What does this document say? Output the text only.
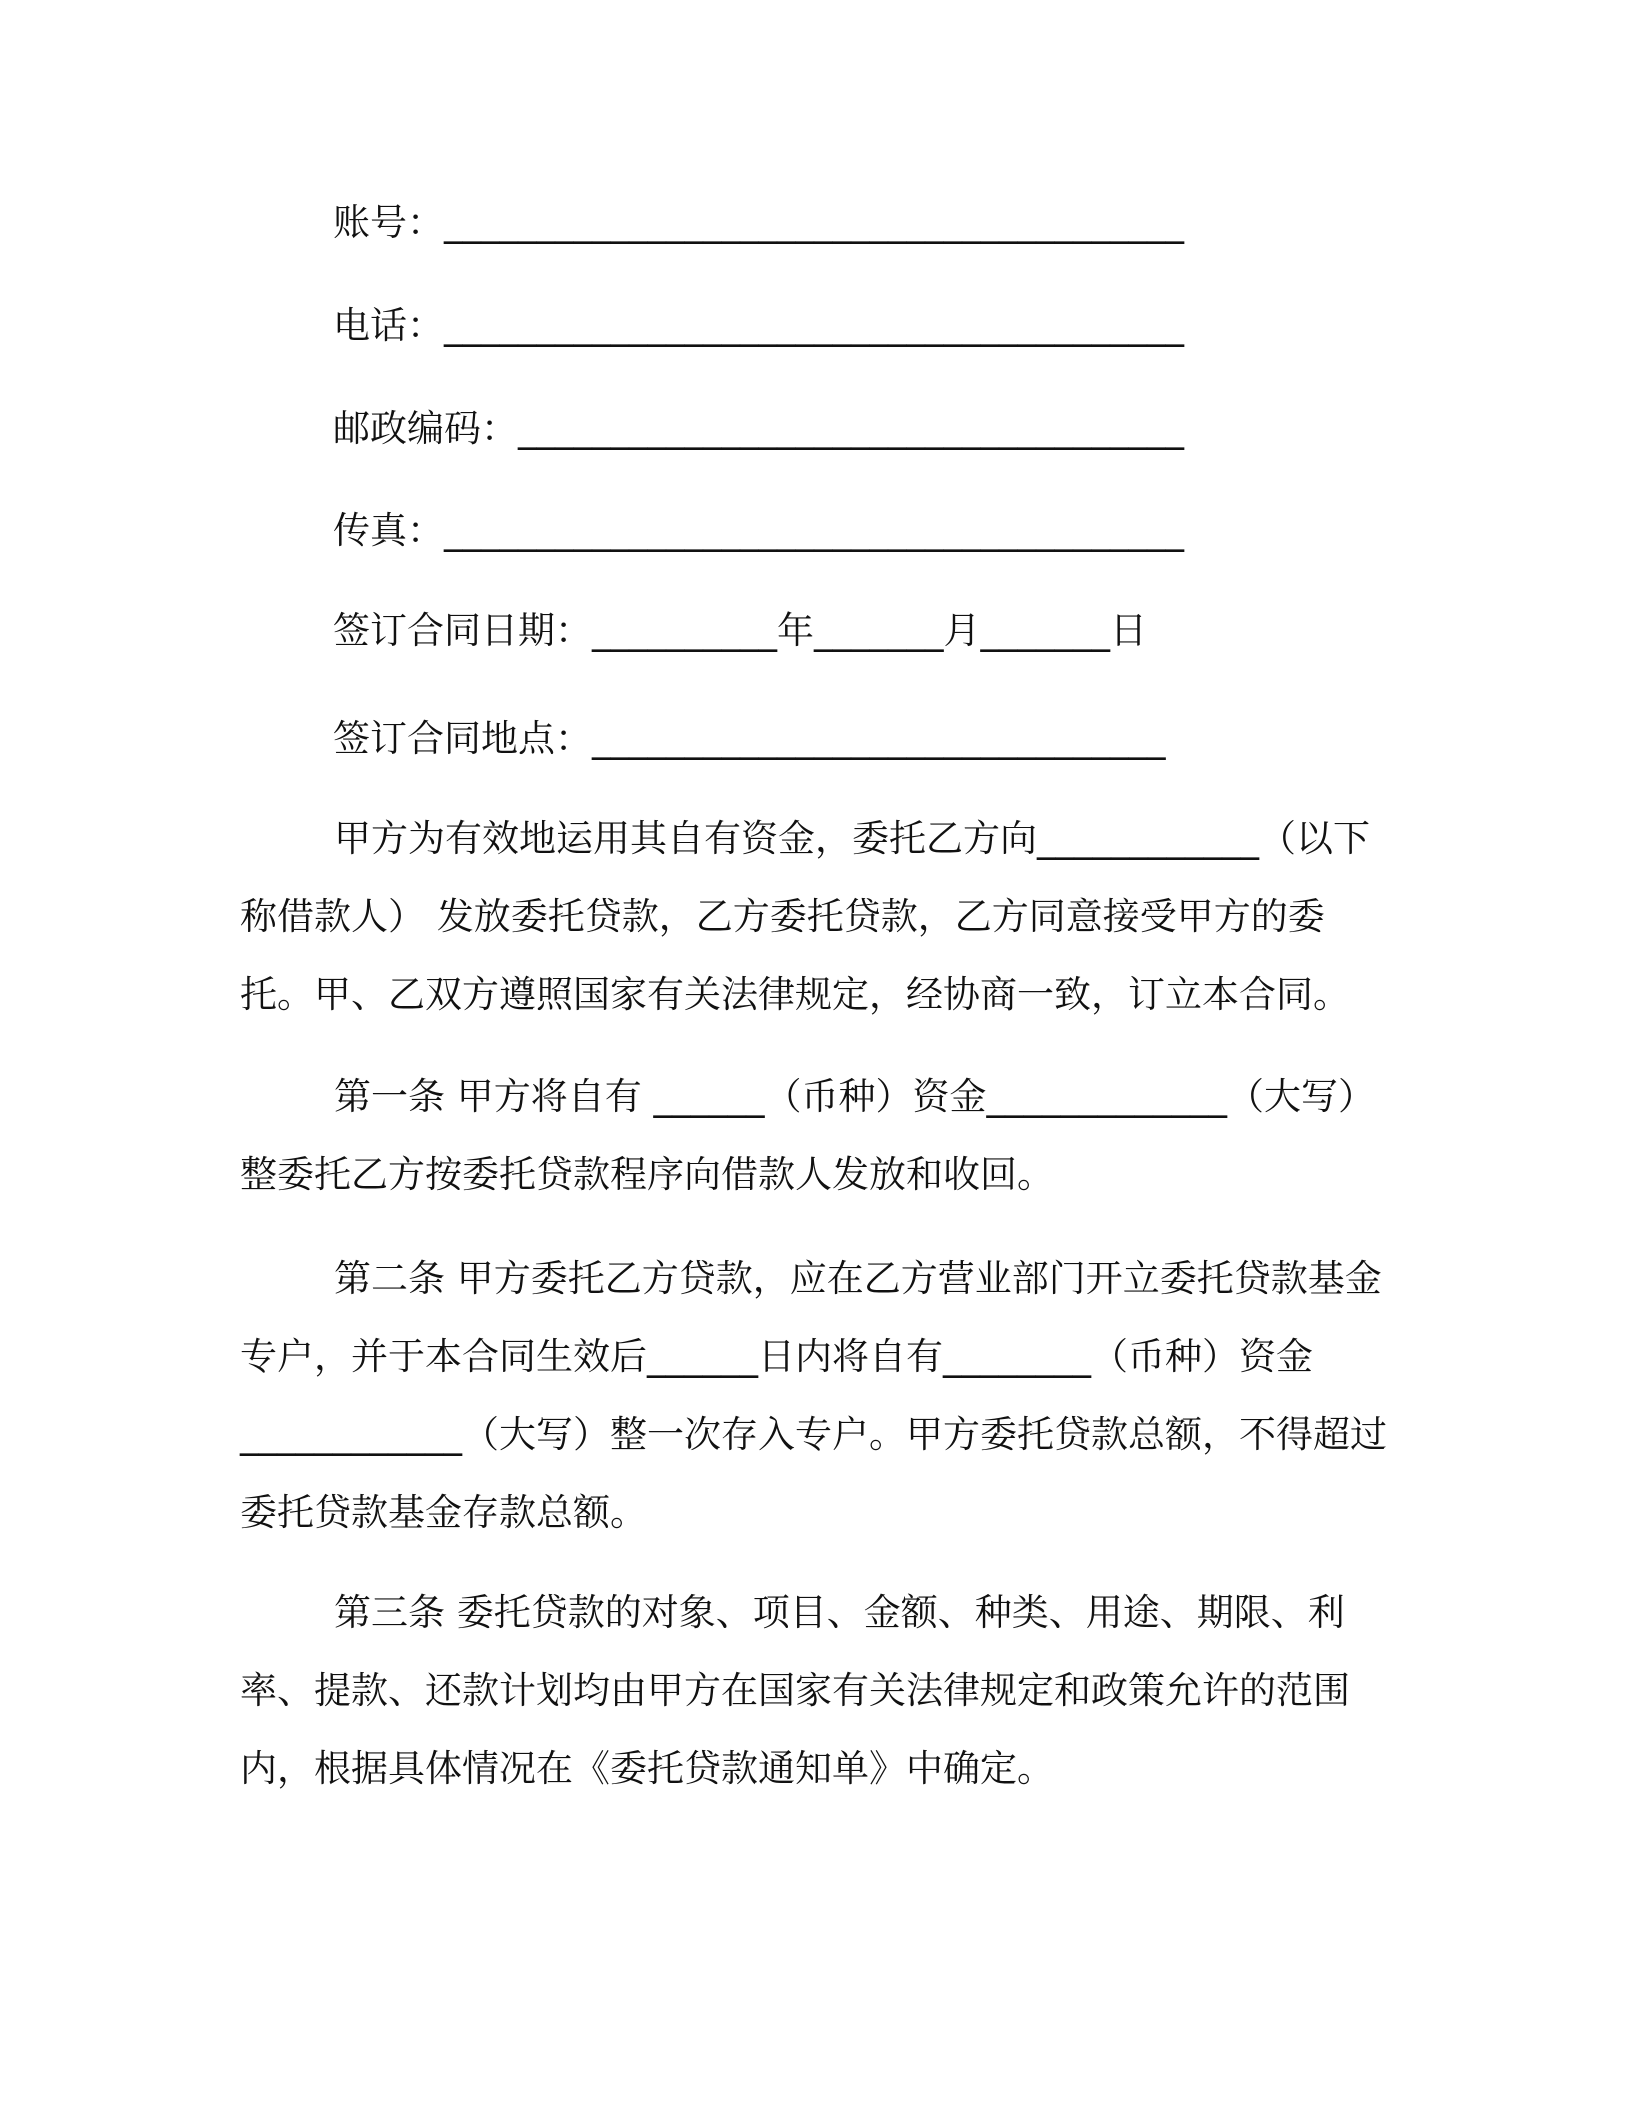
账号：________________________________________
电话：________________________________________
邮政编码：____________________________________
传真：________________________________________
签订合同日期：__________年_______月_______日
签订合同地点：_______________________________

甲方为有效地运用其自有资金，委托乙方向____________（以下称借款人） 发放委托贷款，乙方委托贷款，乙方同意接受甲方的委托。甲、乙双方遵照国家有关法律规定，经协商一致，订立本合同。

第一条 甲方将自有 ______（币种）资金_____________（大写）整委托乙方按委托贷款程序向借款人发放和收回。

第二条 甲方委托乙方贷款，应在乙方营业部门开立委托贷款基金专户，并于本合同生效后______日内将自有________（币种）资金____________（大写）整一次存入专户。甲方委托贷款总额，不得超过委托贷款基金存款总额。

第三条 委托贷款的对象、项目、金额、种类、用途、期限、利率、提款、还款计划均由甲方在国家有关法律规定和政策允许的范围内，根据具体情况在《委托贷款通知单》中确定。
